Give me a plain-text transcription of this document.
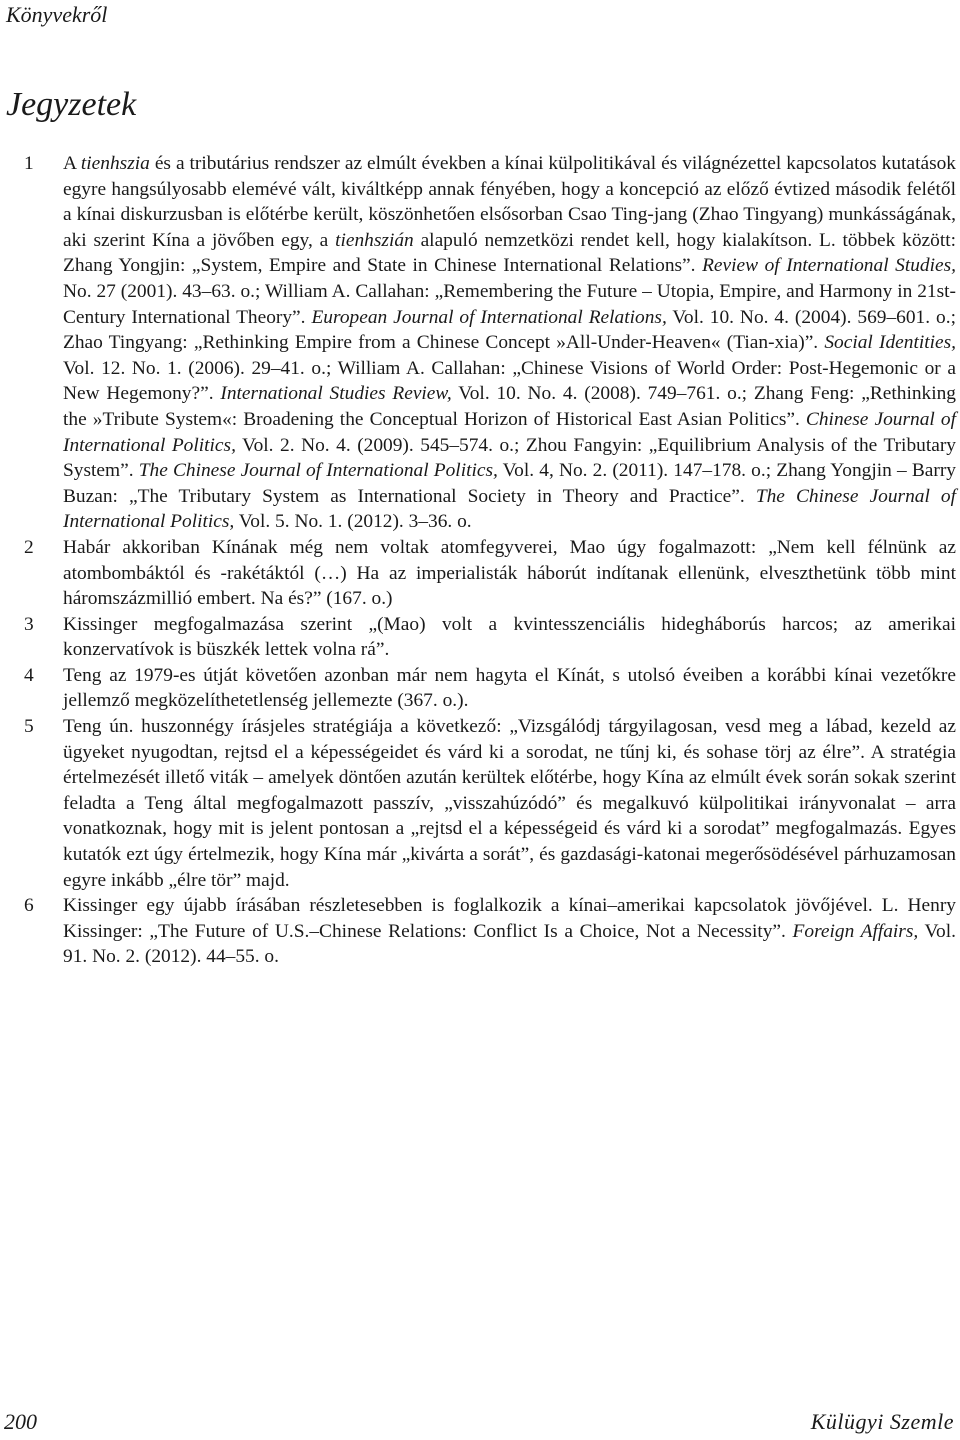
Könyvekről
Jegyzetek
1	A tienhszia és a tributárius rendszer az elmúlt években a kínai külpolitikával és világnézettel kapcsolatos kutatások egyre hangsúlyosabb elemévé vált, kiváltképp annak fényében, hogy a koncepció az előző évtized második felétől a kínai diskurzusban is előtérbe került, köszönhetően elsősorban Csao Ting-jang (Zhao Tingyang) munkásságának, aki szerint Kína a jövőben egy, a tienhszián alapuló nemzetközi rendet kell, hogy kialakítson. L. többek között: Zhang Yongjin: „System, Empire and State in Chinese International Relations”. Review of International Studies, No. 27 (2001). 43–63. o.; William A. Callahan: „Remembering the Future – Utopia, Empire, and Harmony in 21st-Century International Theory”. European Journal of International Relations, Vol. 10. No. 4. (2004). 569–601. o.; Zhao Tingyang: „Rethinking Empire from a Chinese Concept »All-Under-Heaven« (Tian-xia)”. Social Identities, Vol. 12. No. 1. (2006). 29–41. o.; William A. Callahan: „Chinese Visions of World Order: Post-Hegemonic or a New Hegemony?”. International Studies Review, Vol. 10. No. 4. (2008). 749–761. o.; Zhang Feng: „Rethinking the »Tribute System«: Broadening the Conceptual Horizon of Historical East Asian Politics”. Chinese Journal of International Politics, Vol. 2. No. 4. (2009). 545–574. o.; Zhou Fangyin: „Equilibrium Analysis of the Tributary System”. The Chinese Journal of International Politics, Vol. 4, No. 2. (2011). 147–178. o.; Zhang Yongjin – Barry Buzan: „The Tributary System as International Society in Theory and Practice”. The Chinese Journal of International Politics, Vol. 5. No. 1. (2012). 3–36. o.
2	Habár akkoriban Kínának még nem voltak atomfegyverei, Mao úgy fogalmazott: „Nem kell félnünk az atombombáktól és -rakétáktól (…) Ha az imperialisták háborút indítanak ellenünk, elveszthetünk több mint háromszázmillió embert. Na és?” (167. o.)
3	Kissinger megfogalmazása szerint „(Mao) volt a kvintesszenciális hidegháborús harcos; az amerikai konzervatívok is büszkék lettek volna rá”.
4	Teng az 1979-es útját követően azonban már nem hagyta el Kínát, s utolsó éveiben a korábbi kínai vezetőkre jellemző megközelíthetetlenség jellemezte (367. o.).
5	Teng ún. huszonnégy írásjeles stratégiája a következő: „Vizsgálódj tárgyilagosan, vesd meg a lábad, kezeld az ügyeket nyugodtan, rejtsd el a képességeidet és várd ki a sorodat, ne tűnj ki, és sohase törj az élre”. A stratégia értelmezését illető viták – amelyek döntően azután kerültek előtérbe, hogy Kína az elmúlt évek során sokak szerint feladta a Teng által megfogalmazott passzív, „visszahúzódó” és megalkuvó külpolitikai irányvonalat – arra vonatkoznak, hogy mit is jelent pontosan a „rejtsd el a képességeid és várd ki a sorodat” megfogalmazás. Egyes kutatók ezt úgy értelmezik, hogy Kína már „kivárta a sorát”, és gazdasági-katonai megerősödésével párhuzamosan egyre inkább „élre tör” majd.
6	Kissinger egy újabb írásában részletesebben is foglalkozik a kínai–amerikai kapcsolatok jövőjével. L. Henry Kissinger: „The Future of U.S.–Chinese Relations: Conflict Is a Choice, Not a Necessity”. Foreign Affairs, Vol. 91. No. 2. (2012). 44–55. o.
200	Külügyi Szemle
